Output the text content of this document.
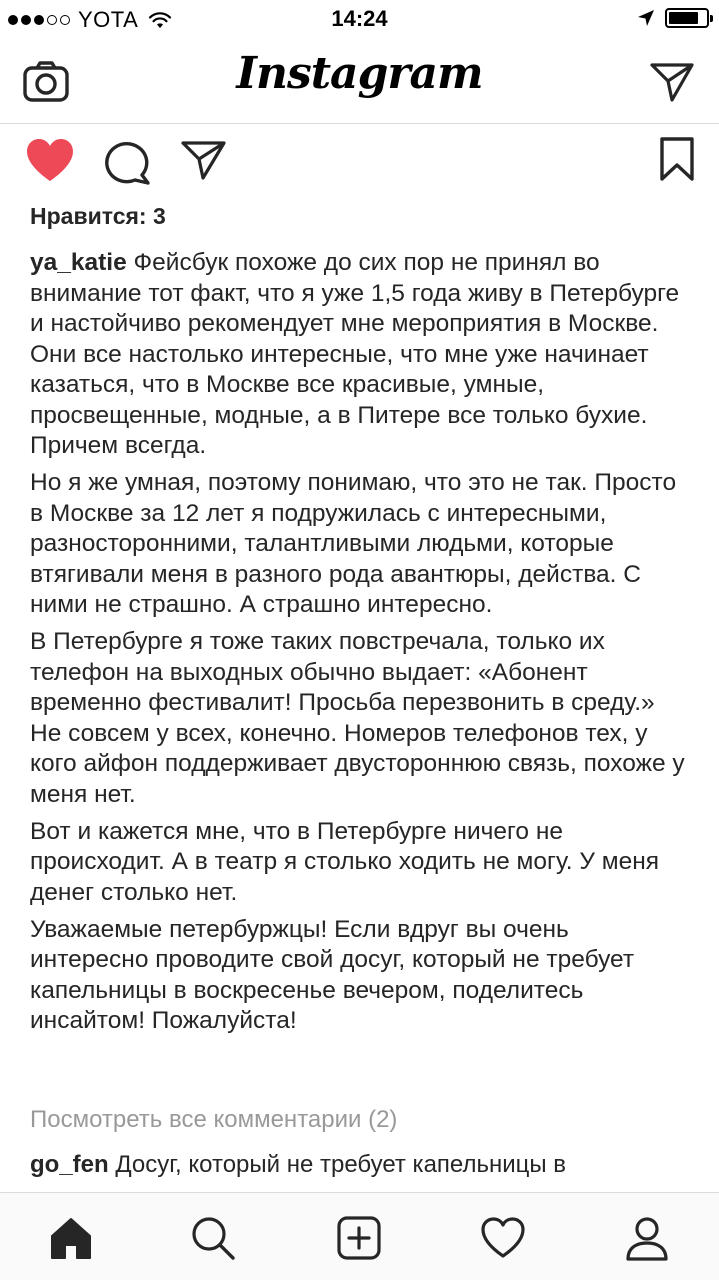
YOTA	14:24
Instagram
Нравится: 3

ya_katie Фейсбук похоже до сих пор не принял во внимание тот факт, что я уже 1,5 года живу в Петербурге и настойчиво рекомендует мне мероприятия в Москве. Они все настолько интересные, что мне уже начинает казаться, что в Москве все красивые, умные, просвещенные, модные, а в Питере все только бухие. Причем всегда.

Но я же умная, поэтому понимаю, что это не так. Просто в Москве за 12 лет я подружилась с интересными, разносторонними, талантливыми людьми, которые втягивали меня в разного рода авантюры, действа. С ними не страшно. А страшно интересно.

В Петербурге я тоже таких повстречала, только их телефон на выходных обычно выдает: «Абонент временно фестивалит! Просьба перезвонить в среду.» Не совсем у всех, конечно. Номеров телефонов тех, у кого айфон поддерживает двустороннюю связь, похоже у меня нет.

Вот и кажется мне, что в Петербурге ничего не происходит. А в театр я столько ходить не могу. У меня денег столько нет.

Уважаемые петербуржцы! Если вдруг вы очень интересно проводите свой досуг, который не требует капельницы в воскресенье вечером, поделитесь инсайтом! Пожалуйста!

Посмотреть все комментарии (2)
go_fen Досуг, который не требует капельницы в
